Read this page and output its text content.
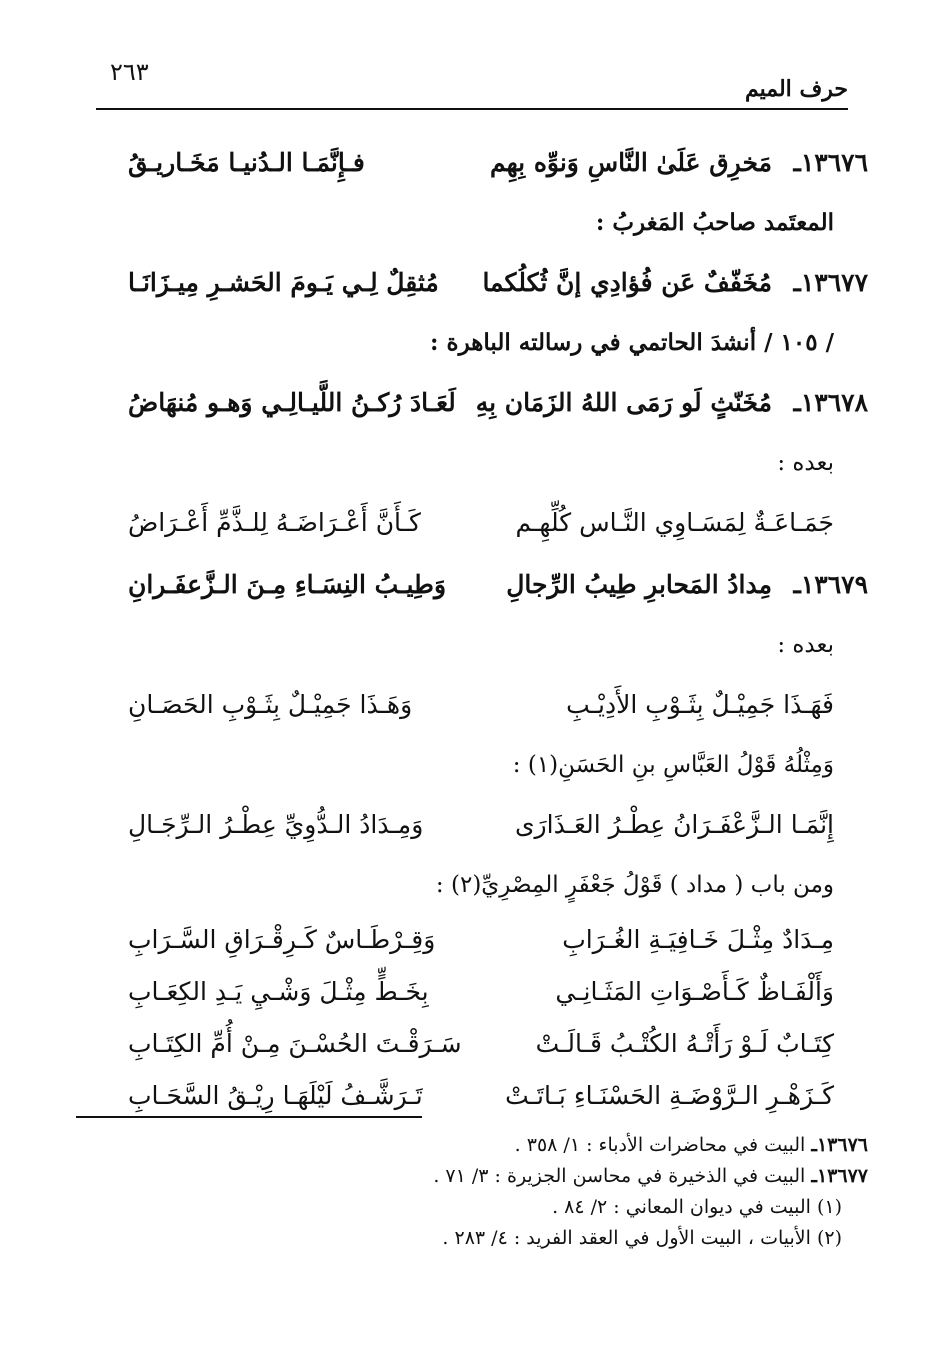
حرف الميم
٢٦٣
١٣٦٧٦ـ
مَخرِق عَلَىٰ النَّاسِ وَنوِّه بِهِم
فـإِنَّمَـا الـدُنيـا مَخَـاريـقُ
المعتَمد صاحبُ المَغربُ :
١٣٦٧٧ـ
مُخَفّفٌ عَن فُؤادِي إنَّ ثُكلُكما
مُثقِلٌ لِـي يَـومَ الحَشـرِ مِيـزَانَـا
/ ١٠٥ / أنشدَ الحاتمي في رسالته الباهرة :
١٣٦٧٨ـ
مُخَنّثٍ لَو رَمَى اللهُ الزَمَان بِهِ
لَعَـادَ رُكـنُ اللَّيـالِـي وَهـو مُنهَاضُ
بعده :
جَمَـاعَـةٌ لِمَسَـاوِي النَّـاس كُلِّهِـم
كَـأَنَّ أَعْـرَاضَـهُ لِلـذَّمِّ أَعْـرَاضُ
١٣٦٧٩ـ
مِدادُ المَحابرِ طِيبُ الرِّجالِ
وَطِيـبُ النِسَـاءِ مِـنَ الـزَّعفَـرانِ
بعده :
فَهَـذَا جَمِيْـلٌ بِثَـوْبِ الأَدِيْـبِ
وَهَـذَا جَمِيْـلٌ بِثَـوْبِ الحَصَـانِ
وَمِثْلُهُ قَوْلُ العَبَّاسِ بنِ الحَسَنِ(١) :
إِنَّمَـا الـزَّعْفَـرَانُ عِطْـرُ العَـذَارَى
وَمِـدَادُ الـدُّوِيِّ عِطْـرُ الـرِّجَـالِ
ومن باب ( مداد ) قَوْلُ جَعْفَرٍ المِصْرِيِّ(٢) :
مِـدَادٌ مِثْـلَ خَـافِيَـةِ الغُـرَابِ
وَقِـرْطَـاسٌ كَـرِقْـرَاقِ السَّـرَابِ
وَأَلْفَـاظٌ كَـأَصْـوَاتِ المَثَـانِـي
بِخَـطٍّ مِثْـلَ وَشْـيِ يَـدِ الكِعَـابِ
كِتَـابٌ لَـوْ رَأَتْـهُ الكُتْـبُ قَـالَـتْ
سَـرَقْـتَ الحُسْـنَ مِـنْ أُمِّ الكِتَـابِ
كَـزَهْـرِ الـرَّوْضَـةِ الحَسْنَـاءِ بَـاتَـتْ
تَـرَشَّـفُ لَيْلَهَـا رِيْـقُ السَّحَـابِ
١٣٦٧٦ـ البيت في محاضرات الأدباء : ١/ ٣٥٨ .
١٣٦٧٧ـ البيت في الذخيرة في محاسن الجزيرة : ٣/ ٧١ .
(١) البيت في ديوان المعاني : ٢/ ٨٤ .
(٢) الأبيات ، البيت الأول في العقد الفريد : ٤/ ٢٨٣ .
